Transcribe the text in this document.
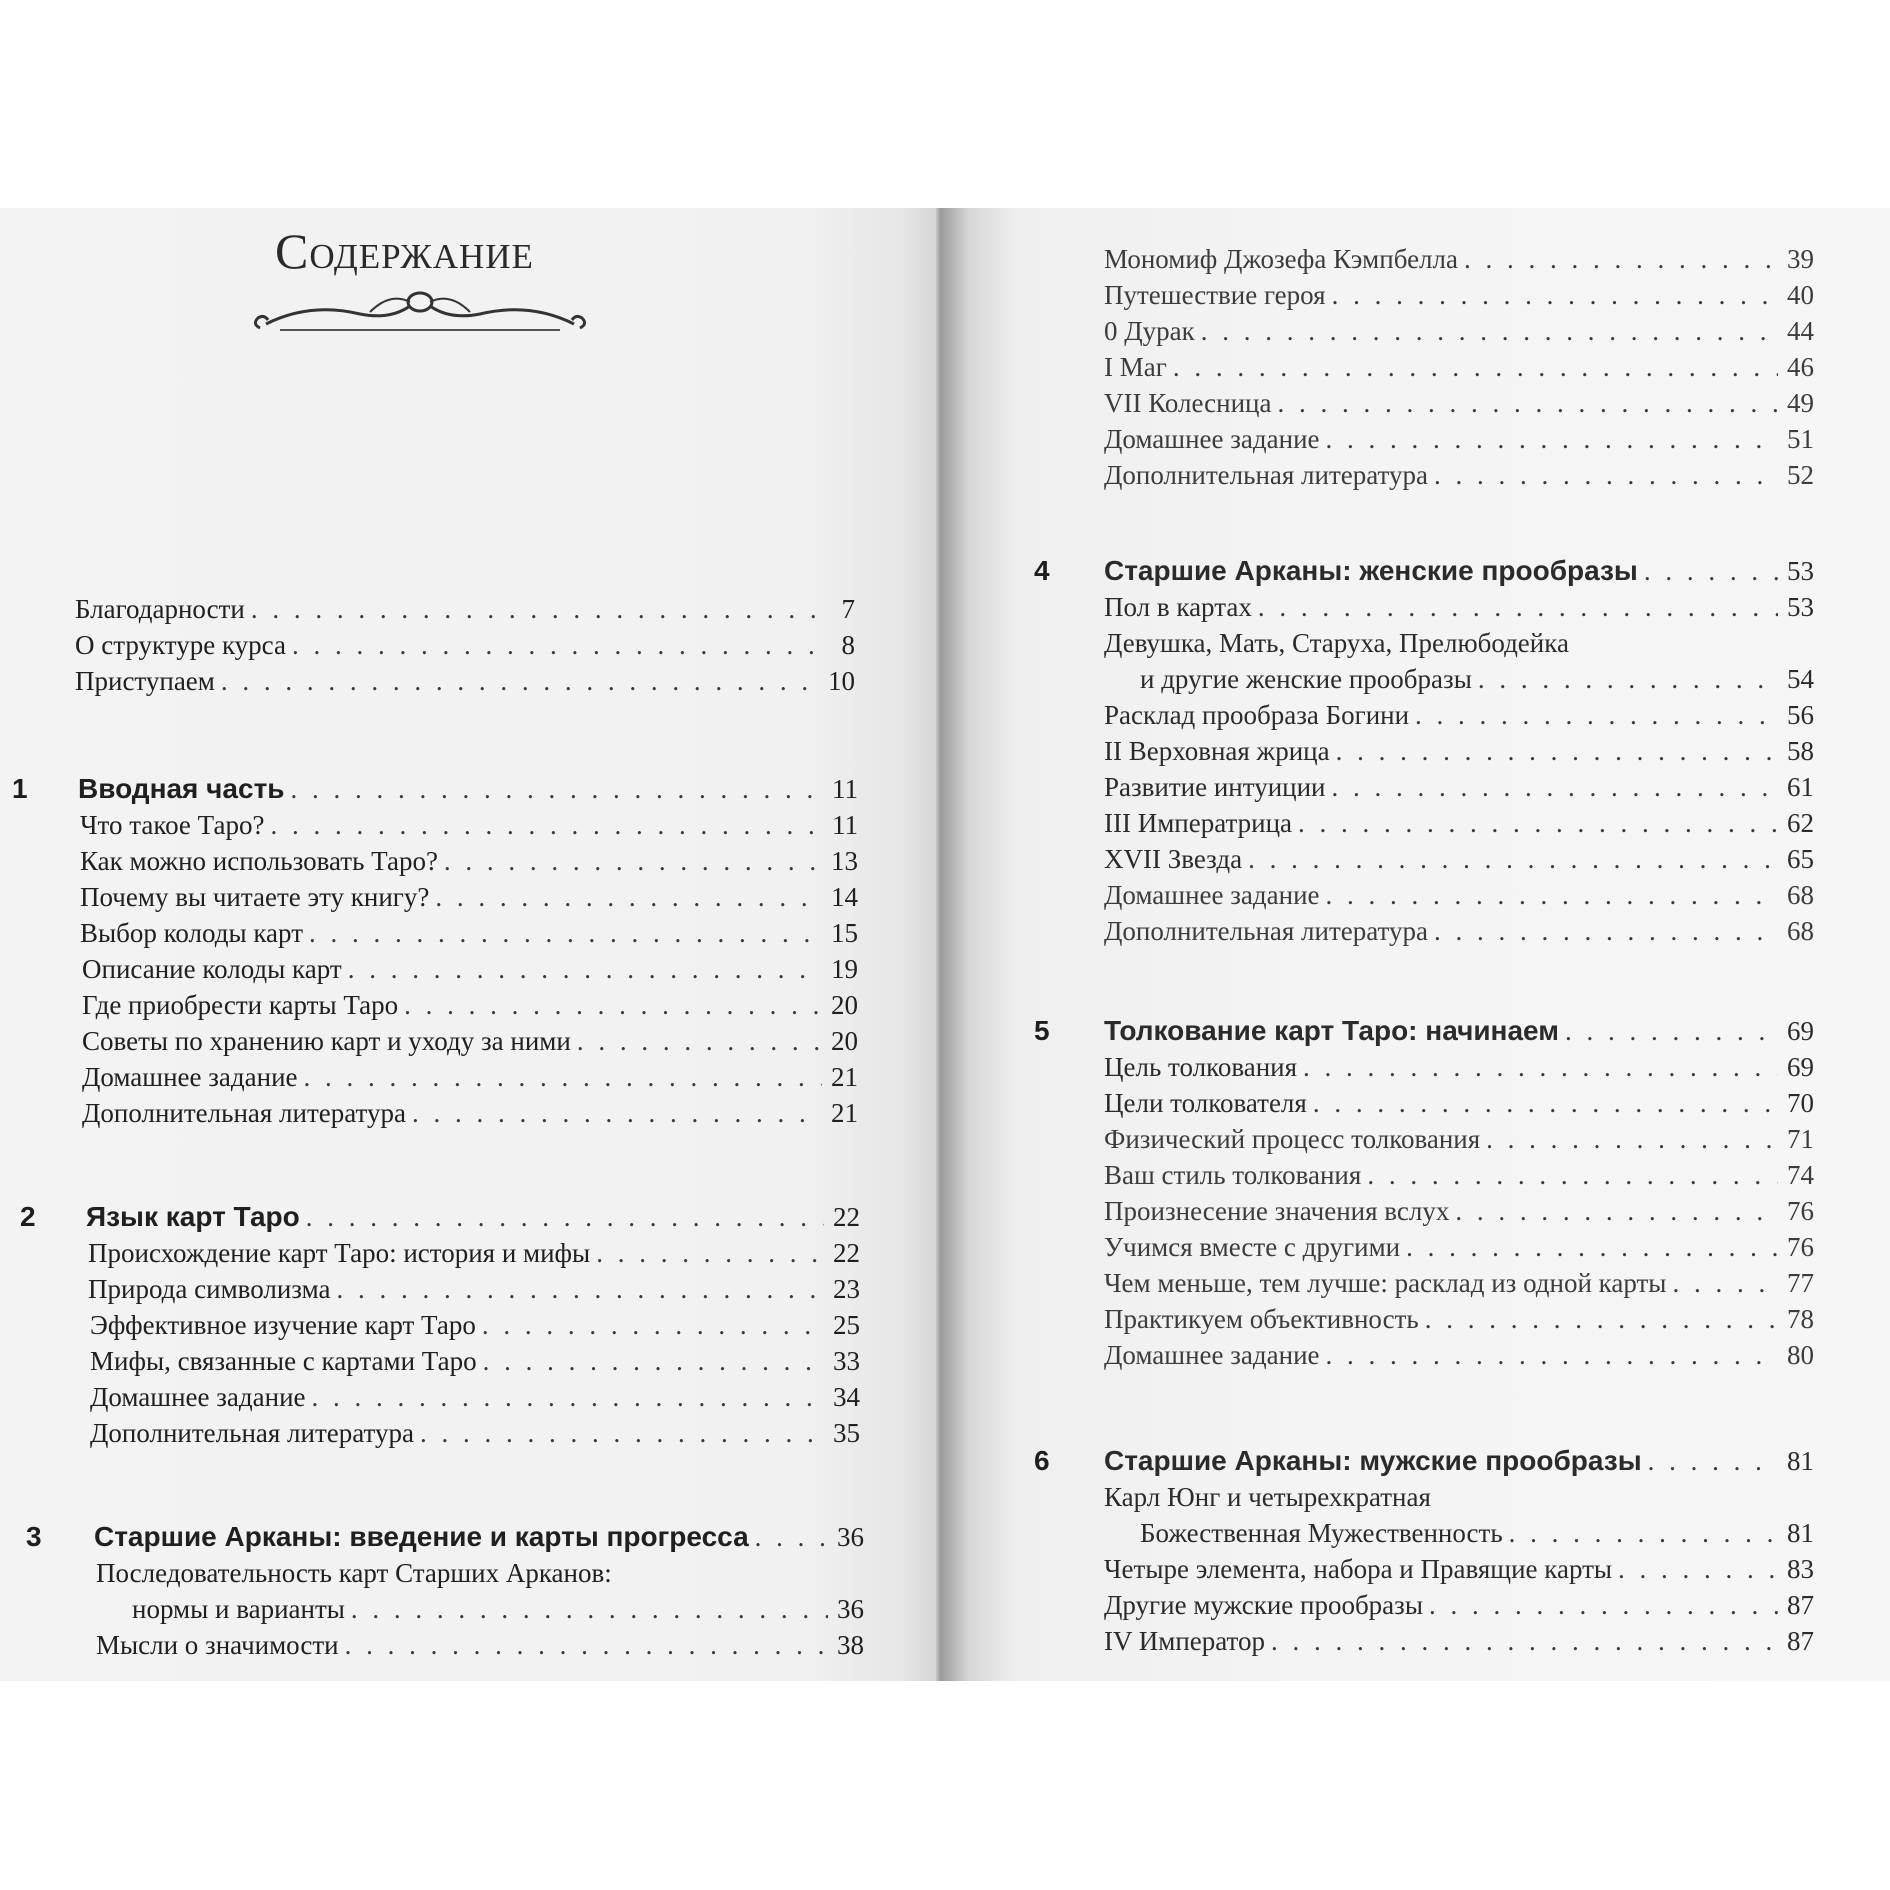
Содержание
Благодарности . . .	7
О структуре курса . . .	8
Приступаем . . .	10
1 Вводная часть . . .	11
Что такое Таро? . . .	11
Как можно использовать Таро? . . .	13
Почему вы читаете эту книгу? . . .	14
Выбор колоды карт . . .	15
Описание колоды карт . . .	19
Где приобрести карты Таро . . .	20
Советы по хранению карт и уходу за ними . . .	20
Домашнее задание . . .	21
Дополнительная литература . . .	21
2 Язык карт Таро . . .	22
Происхождение карт Таро: история и мифы . . .	22
Природа символизма . . .	23
Эффективное изучение карт Таро . . .	25
Мифы, связанные с картами Таро . . .	33
Домашнее задание . . .	34
Дополнительная литература . . .	35
3 Старшие Арканы: введение и карты прогресса . . .	36
Последовательность карт Старших Арканов:
нормы и варианты . . .	36
Мысли о значимости . . .	38
Мономиф Джозефа Кэмпбелла . . .	39
Путешествие героя . . .	40
0 Дурак . . .	44
I Маг . . .	46
VII Колесница . . .	49
Домашнее задание . . .	51
Дополнительная литература . . .	52
4 Старшие Арканы: женские прообразы . . .	53
Пол в картах . . .	53
Девушка, Мать, Старуха, Прелюбодейка
и другие женские прообразы . . .	54
Расклад прообраза Богини . . .	56
II Верховная жрица . . .	58
Развитие интуиции . . .	61
III Императрица . . .	62
XVII Звезда . . .	65
Домашнее задание . . .	68
Дополнительная литература . . .	68
5 Толкование карт Таро: начинаем . . .	69
Цель толкования . . .	69
Цели толкователя . . .	70
Физический процесс толкования . . .	71
Ваш стиль толкования . . .	74
Произнесение значения вслух . . .	76
Учимся вместе с другими . . .	76
Чем меньше, тем лучше: расклад из одной карты . . .	77
Практикуем объективность . . .	78
Домашнее задание . . .	80
6 Старшие Арканы: мужские прообразы . . .	81
Карл Юнг и четырехкратная
Божественная Мужественность . . .	81
Четыре элемента, набора и Правящие карты . . .	83
Другие мужские прообразы . . .	87
IV Император . . .	87
